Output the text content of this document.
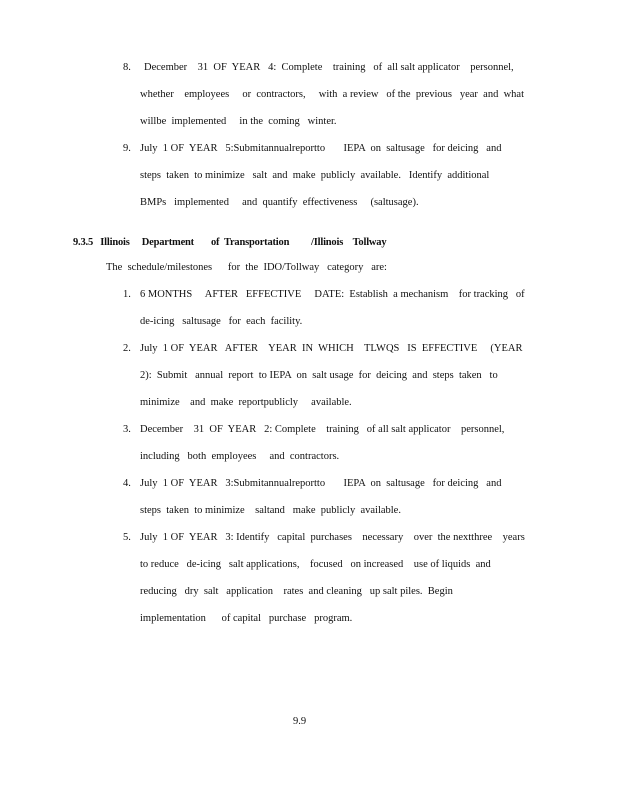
8. December    31  OF  YEAR   4:  Complete    training   of  all salt applicator    personnel,
whether    employees     or  contractors,     with  a review   of the  previous   year  and  what
willbe  implemented     in the  coming   winter.
9. July  1 OF  YEAR   5:Submitannualreportto       IEPA  on  saltusage   for deicing   and
steps  taken  to minimize   salt  and  make  publicly  available.   Identify  additional
BMPs   implemented     and  quantify  effectiveness     (saltusage).
9.3.5   Illinois     Department       of  Transportation         /Illinois    Tollway
The  schedule/milestones      for  the  IDO/Tollway   category   are:
1. 6 MONTHS     AFTER   EFFECTIVE     DATE:  Establish  a mechanism    for tracking   of
de-icing   saltusage   for  each  facility.
2. July  1 OF  YEAR   AFTER    YEAR  IN  WHICH    TLWQS   IS  EFFECTIVE     (YEAR
2):  Submit   annual  report  to IEPA  on  salt usage  for  deicing  and  steps  taken   to
minimize    and  make  reportpublicly     available.
3. December    31  OF  YEAR   2: Complete    training   of all salt applicator    personnel,
including   both  employees     and  contractors.
4. July  1 OF  YEAR   3:Submitannualreportto       IEPA  on  saltusage   for deicing   and
steps  taken  to minimize    saltand   make  publicly  available.
5. July  1 OF  YEAR   3: Identify   capital  purchases    necessary    over  the nextthree    years
to reduce   de-icing   salt applications,    focused   on increased    use of liquids  and
reducing   dry  salt   application    rates  and cleaning   up salt piles.  Begin
implementation      of capital   purchase   program.
9.9
